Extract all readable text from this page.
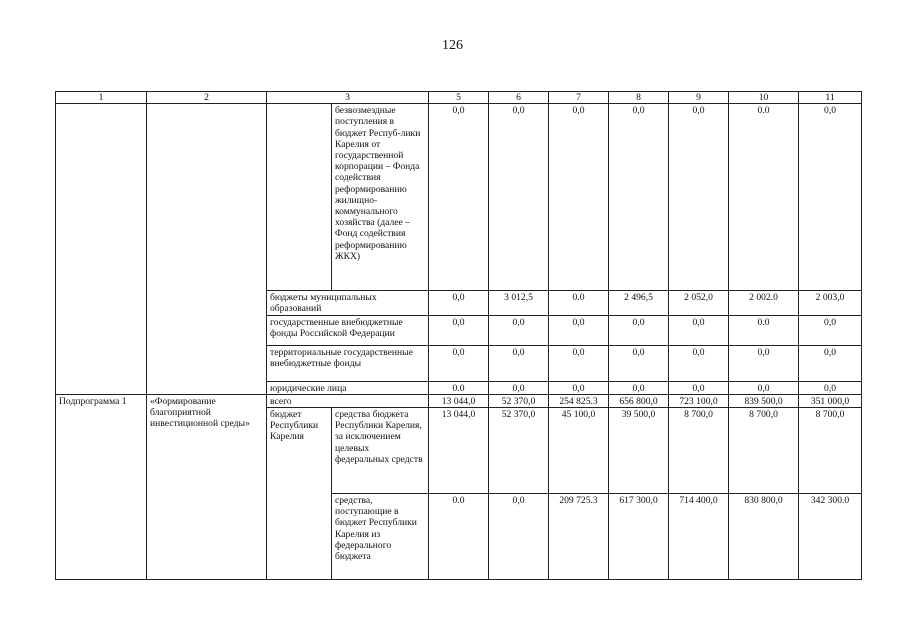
126
1	2	3		5	6	7	8	9	10	11
			безвозмездные поступления в бюджет Респуб-лики Карелия от государственной корпорации – Фонда содействия реформированию жилищно-коммунального хозяйства (далее – Фонд содействия реформированию ЖКХ)	0,0	0,0	0,0	0,0	0,0	0.0	0,0
		бюджеты муниципальных образований		0,0	3 012,5	0.0	2 496,5	2 052,0	2 002.0	2 003,0
		государственные внебюджетные фонды Российской Федерации		0,0	0,0	0,0	0,0	0,0	0.0	0,0
		территориальные государственные внебюджетные фонды		0,0	0,0	0,0	0,0	0,0	0,0	0,0
		юридические лица		0.0	0,0	0,0	0,0	0,0	0,0	0,0
Подпрограмма 1	«Формирование благоприятной инвестиционной среды»	всего		13 044,0	52 370,0	254 825.3	656 800,0	723 100,0	839 500,0	351 000,0
		бюджет Республики Карелия	средства бюджета Республики Карелия, за исключением целевых федеральных средств	13 044,0	52 370,0	45 100,0	39 500,0	8 700,0	8 700,0	8 700,0
			средства, поступающие в бюджет Республики Карелия из федерального бюджета	0.0	0,0	209 725.3	617 300,0	714 400,0	830 800,0	342 300.0
